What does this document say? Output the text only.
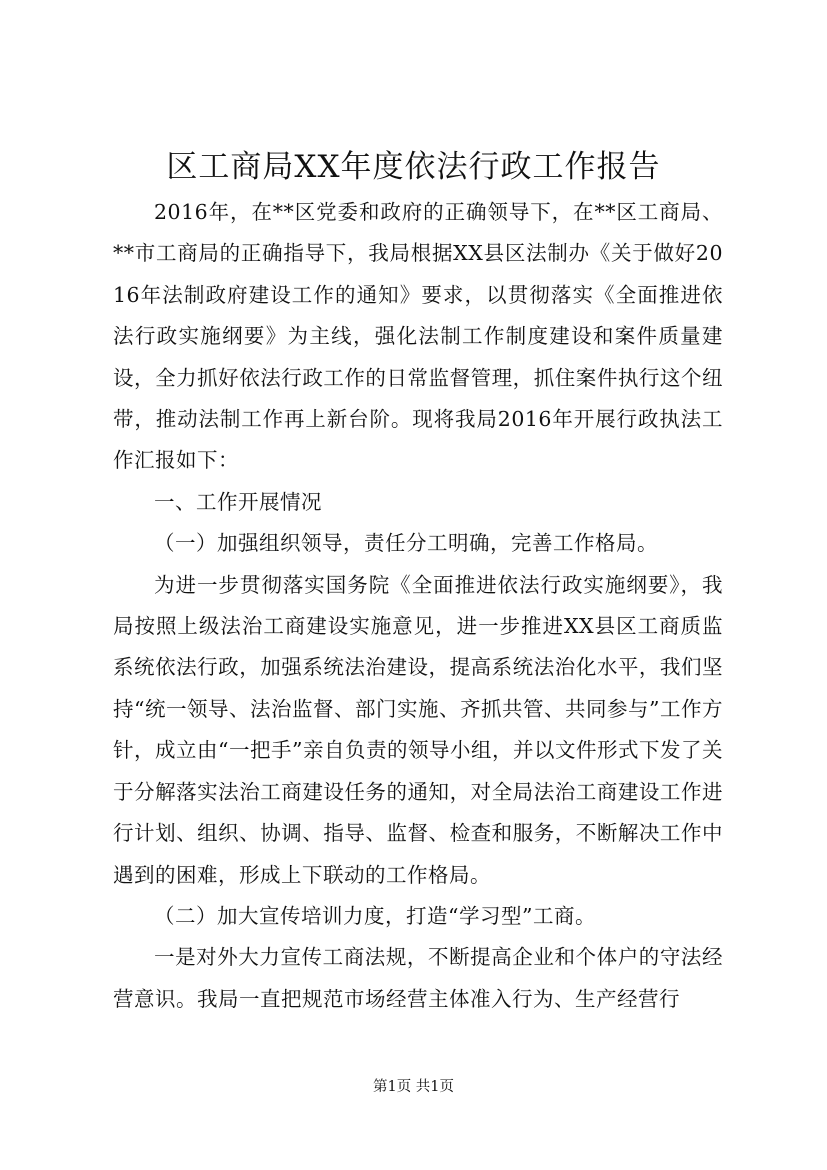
区工商局XX年度依法行政工作报告

2016年，在**区党委和政府的正确领导下，在**区工商局、**市工商局的正确指导下，我局根据XX县区法制办《关于做好2016年法制政府建设工作的通知》要求，以贯彻落实《全面推进依法行政实施纲要》为主线，强化法制工作制度建设和案件质量建设，全力抓好依法行政工作的日常监督管理，抓住案件执行这个纽带，推动法制工作再上新台阶。现将我局2016年开展行政执法工作汇报如下：

一、工作开展情况

（一）加强组织领导，责任分工明确，完善工作格局。

为进一步贯彻落实国务院《全面推进依法行政实施纲要》，我局按照上级法治工商建设实施意见，进一步推进XX县区工商质监系统依法行政，加强系统法治建设，提高系统法治化水平，我们坚持“统一领导、法治监督、部门实施、齐抓共管、共同参与”工作方针，成立由“一把手”亲自负责的领导小组，并以文件形式下发了关于分解落实法治工商建设任务的通知，对全局法治工商建设工作进行计划、组织、协调、指导、监督、检查和服务，不断解决工作中遇到的困难，形成上下联动的工作格局。

（二）加大宣传培训力度，打造“学习型”工商。

一是对外大力宣传工商法规，不断提高企业和个体户的守法经营意识。我局一直把规范市场经营主体准入行为、生产经营行

第1页 共1页
